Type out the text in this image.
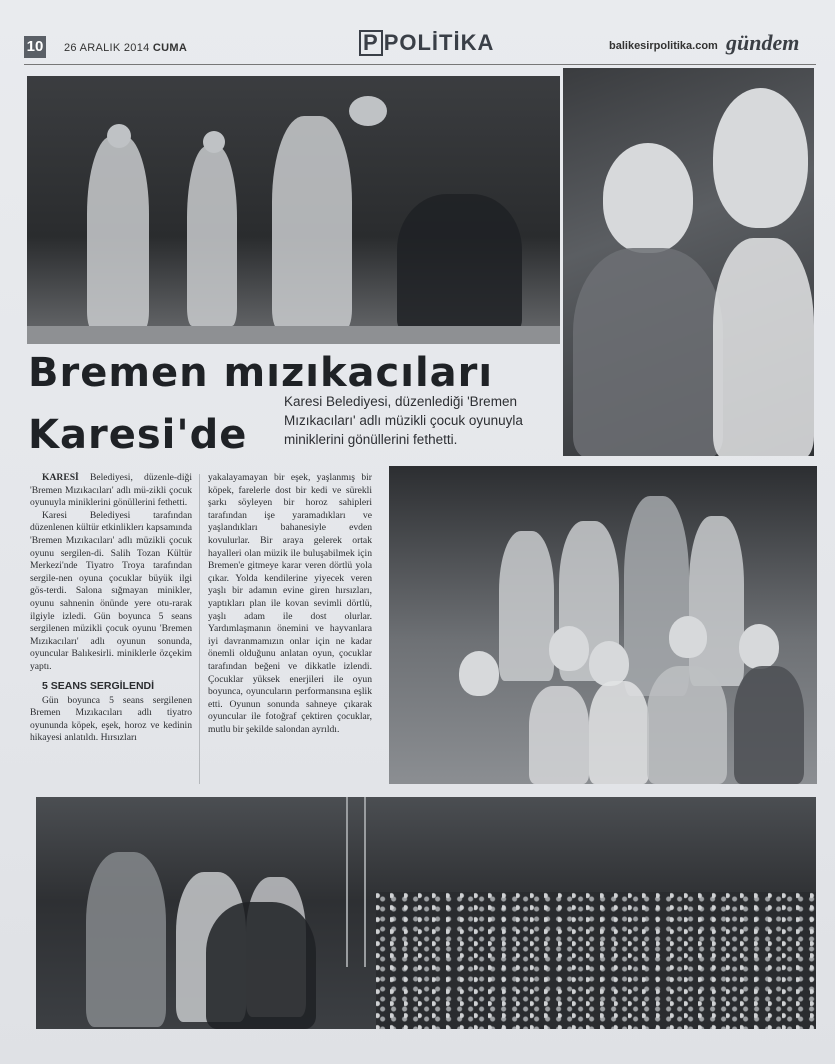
10 26 ARALIK 2014 CUMA	P POLİTİKA	balikesirpolitika.com gündem
Bremen mızıkacıları
Karesi'de
Karesi Belediyesi, düzenlediği 'Bremen Mızıkacıları' adlı müzikli çocuk oyunuyla miniklerini gönüllerini fethetti.

KARESİ Belediyesi, düzenle-diği 'Bremen Mızıkacıları' adlı mü-zikli çocuk oyunuyla miniklerini gönüllerini fethetti.

Karesi Belediyesi tarafından düzenlenen kültür etkinliklerı kapsamında 'Bremen Mızıkacıları' adlı müzikli çocuk oyunu sergilen-di. Salih Tozan Kültür Merkezi'nde Tiyatro Troya tarafından sergile-nen oyuna çocuklar büyük ilgi gös-terdi. Salona sığmayan minikler, oyunu sahnenin önünde yere otu-rarak ilgiyle izledi. Gün boyunca 5 seans sergilenen müzikli çocuk oyunu 'Bremen Mızıkacıları' adlı oyunun sonunda, oyuncular Balıkesirli. miniklerle özçekim yaptı.

5 SEANS SERGİLENDİ

Gün boyunca 5 seans sergilenen Bremen Mızıkacıları adlı tiyatro oyununda köpek, eşek, horoz ve kedinin hikayesi anlatıldı. Hırsızları

yakalayamayan bir eşek, yaşlanmış bir köpek, farelerle dost bir kedi ve sürekli şarkı söyleyen bir horoz sahipleri tarafından işe yaramadıkları ve yaşlandıkları bahanesiyle evden kovulurlar. Bir araya gelerek ortak hayalleri olan müzik ile buluşabilmek için Bremen'e gitmeye karar veren dörtlü yola çıkar. Yolda kendilerine yiyecek veren yaşlı bir adamın evine giren hırsızları, yaptıkları plan ile kovan sevimli dörtlü, yaşlı adam ile dost olurlar. Yardımlaşmanın önemini ve hayvanlara iyi davranmamızın onlar için ne kadar önemli olduğunu anlatan oyun, çocuklar tarafından beğeni ve dikkatle izlendi. Çocuklar yüksek enerjileri ile oyun boyunca, oyuncuların performansına eşlik etti. Oyunun sonunda sahneye çıkarak oyuncular ile fotoğraf çektiren çocuklar, mutlu bir şekilde salondan ayrıldı.
